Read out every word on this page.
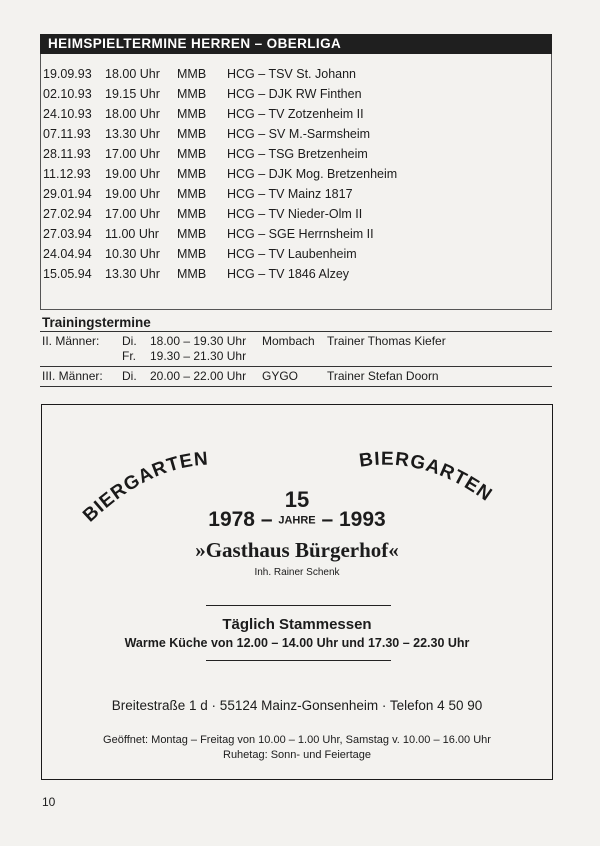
HEIMSPIELTERMINE HERREN – OBERLIGA
19.09.93 18.00 Uhr MMB HCG – TSV St. Johann
02.10.93 19.15 Uhr MMB HCG – DJK RW Finthen
24.10.93 18.00 Uhr MMB HCG – TV Zotzenheim II
07.11.93 13.30 Uhr MMB HCG – SV M.-Sarmsheim
28.11.93 17.00 Uhr MMB HCG – TSG Bretzenheim
11.12.93 19.00 Uhr MMB HCG – DJK Mog. Bretzenheim
29.01.94 19.00 Uhr MMB HCG – TV Mainz 1817
27.02.94 17.00 Uhr MMB HCG – TV Nieder-Olm II
27.03.94 11.00 Uhr MMB HCG – SGE Herrnsheim II
24.04.94 10.30 Uhr MMB HCG – TV Laubenheim
15.05.94 13.30 Uhr MMB HCG – TV 1846 Alzey
Trainingstermine
II. Männer: Di. 18.00 – 19.30 Uhr Mombach Trainer Thomas Kiefer
Fr. 19.30 – 21.30 Uhr
III. Männer: Di. 20.00 – 22.00 Uhr GYGO Trainer Stefan Doorn
BIERGARTEN	BIERGARTEN
15
1978 – JAHRE – 1993
»Gasthaus Bürgerhof«
Inh. Rainer Schenk
Täglich Stammessen
Warme Küche von 12.00 – 14.00 Uhr und 17.30 – 22.30 Uhr
Breitestraße 1 d · 55124 Mainz-Gonsenheim · Telefon 4 50 90
Geöffnet: Montag – Freitag von 10.00 – 1.00 Uhr, Samstag v. 10.00 – 16.00 Uhr
Ruhetag: Sonn- und Feiertage
10
